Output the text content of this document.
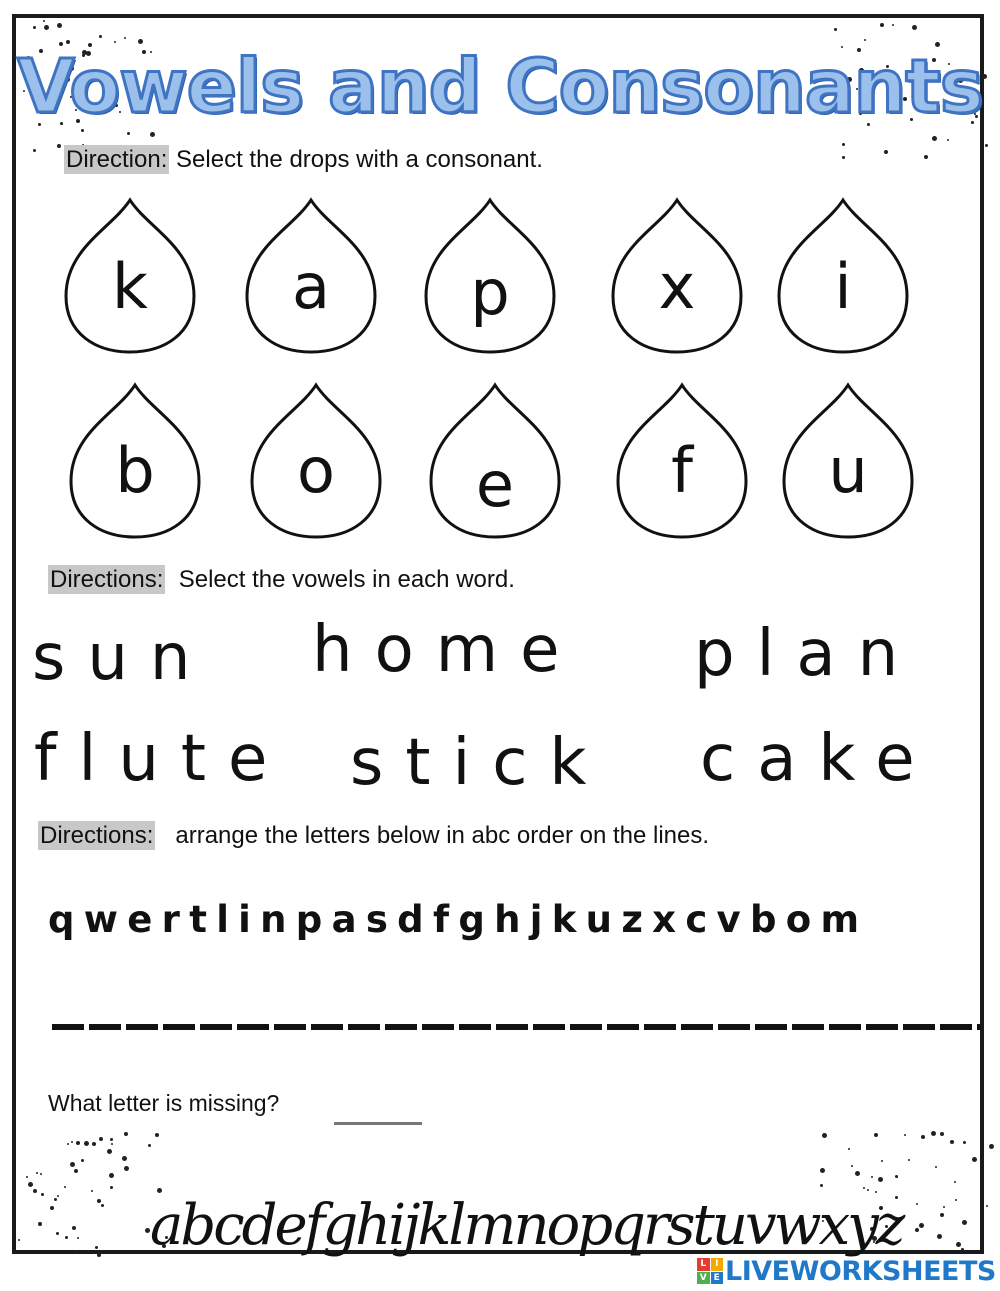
Vowels and Consonants
Direction: Select the drops with a consonant.
k	a	p	x	i
b	o	e	f	u
Directions:  Select the vowels in each word.
sun home plan
flute stick cake
Directions:   arrange the letters below in abc order on the lines.
qwertlinpasdfghjkuzxcvbom
What letter is missing?
abcdefghijklmnopqrstuvwxyz
L I
V E LIVEWORKSHEETS
